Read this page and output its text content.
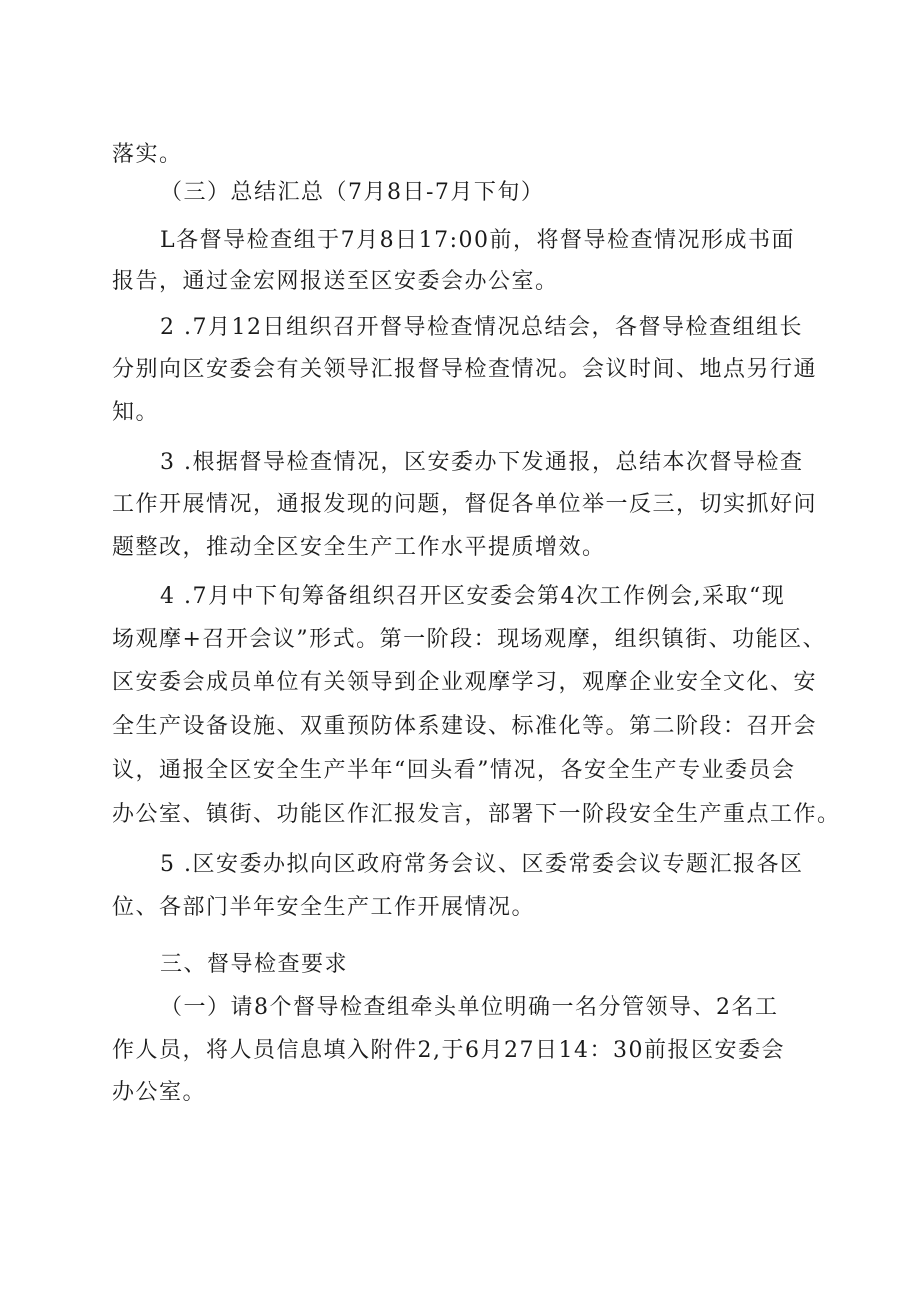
落实。
（三）总结汇总（7月8日-7月下旬）
L各督导检查组于7月8日17:00前，将督导检查情况形成书面
报告，通过金宏网报送至区安委会办公室。
2 .7月12日组织召开督导检查情况总结会，各督导检查组组长
分别向区安委会有关领导汇报督导检查情况。会议时间、地点另行通
知。
3 .根据督导检查情况，区安委办下发通报，总结本次督导检查
工作开展情况，通报发现的问题，督促各单位举一反三，切实抓好问
题整改，推动全区安全生产工作水平提质增效。
4 .7月中下旬筹备组织召开区安委会第4次工作例会,采取“现
场观摩+召开会议”形式。第一阶段：现场观摩，组织镇街、功能区、
区安委会成员单位有关领导到企业观摩学习，观摩企业安全文化、安
全生产设备设施、双重预防体系建设、标准化等。第二阶段：召开会
议，通报全区安全生产半年“回头看”情况，各安全生产专业委员会
办公室、镇街、功能区作汇报发言，部署下一阶段安全生产重点工作。
5 .区安委办拟向区政府常务会议、区委常委会议专题汇报各区
位、各部门半年安全生产工作开展情况。
三、督导检查要求
（一）请8个督导检查组牵头单位明确一名分管领导、2名工
作人员，将人员信息填入附件2,于6月27日14：30前报区安委会
办公室。
